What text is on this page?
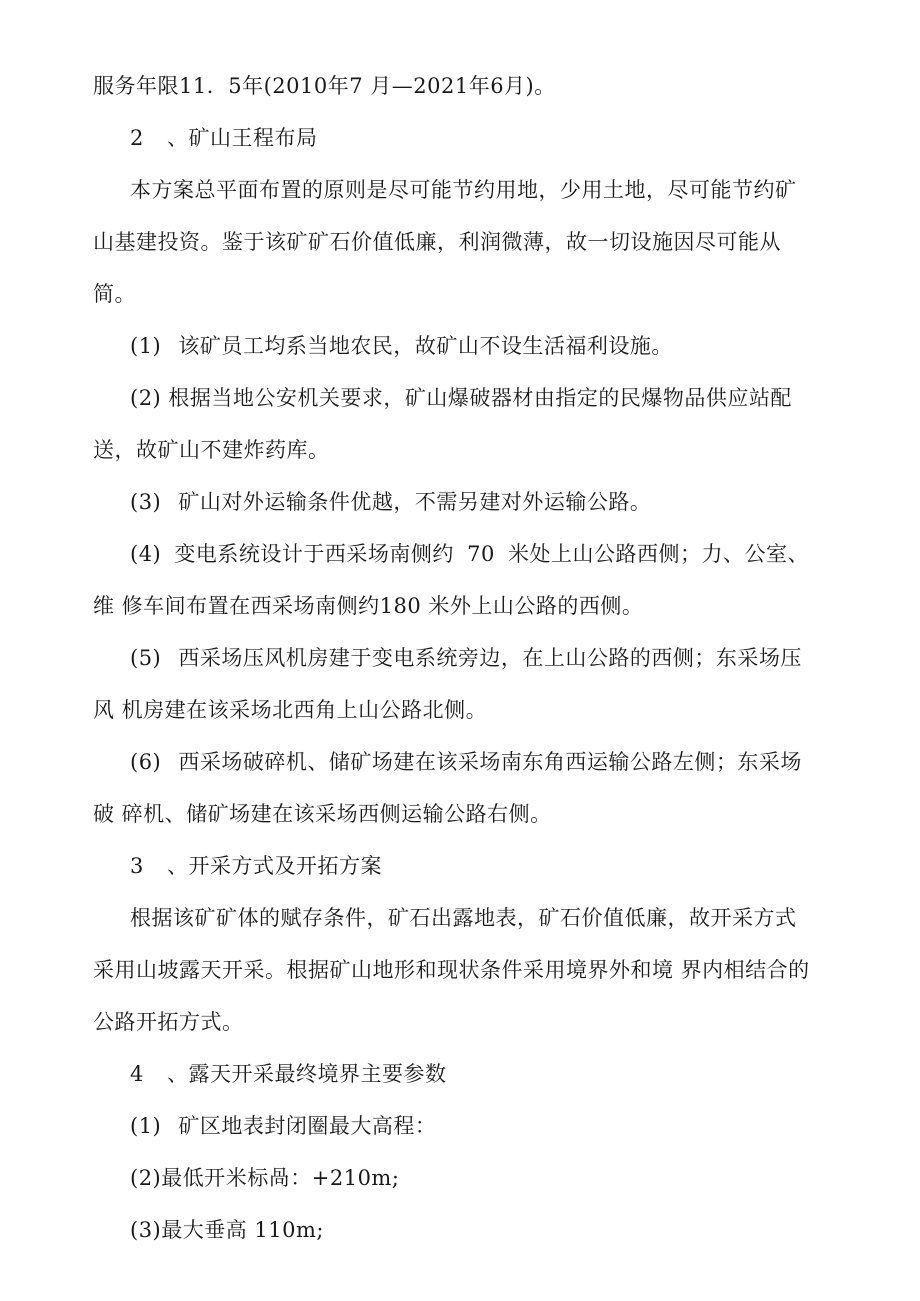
服务年限11．5年(2010年7 月—2021年6月)。
2 、矿山王程布局
本方案总平面布置的原则是尽可能节约用地，少用土地，尽可能节约矿
山基建投资。鉴于该矿矿石价值低廉，利润微薄，故一切设施因尽可能从
简。
(1) 该矿员工均系当地农民，故矿山不设生活福利设施。
(2) 根据当地公安机关要求，矿山爆破器材由指定的民爆物品供应站配
送，故矿山不建炸药库。
(3) 矿山对外运输条件优越，不需另建对外运输公路。
(4) 变电系统设计于西采场南侧约 70 米处上山公路西侧；力、公室、
维 修车间布置在西采场南侧约180 米外上山公路的西侧。
(5) 西采场压风机房建于变电系统旁边，在上山公路的西侧；东采场压
风 机房建在该采场北西角上山公路北侧。
(6) 西采场破碎机、储矿场建在该采场南东角西运输公路左侧；东采场
破 碎机、储矿场建在该采场西侧运输公路右侧。
3 、开采方式及开拓方案
根据该矿矿体的赋存条件，矿石出露地表，矿石价值低廉，故开采方式
采用山坡露天开采。根据矿山地形和现状条件采用境界外和境 界内相结合的
公路开拓方式。
4 、露天开采最终境界主要参数
(1) 矿区地表封闭圈最大高程：
(2)最低开米标咼：+210m;
(3)最大垂高 110m;
